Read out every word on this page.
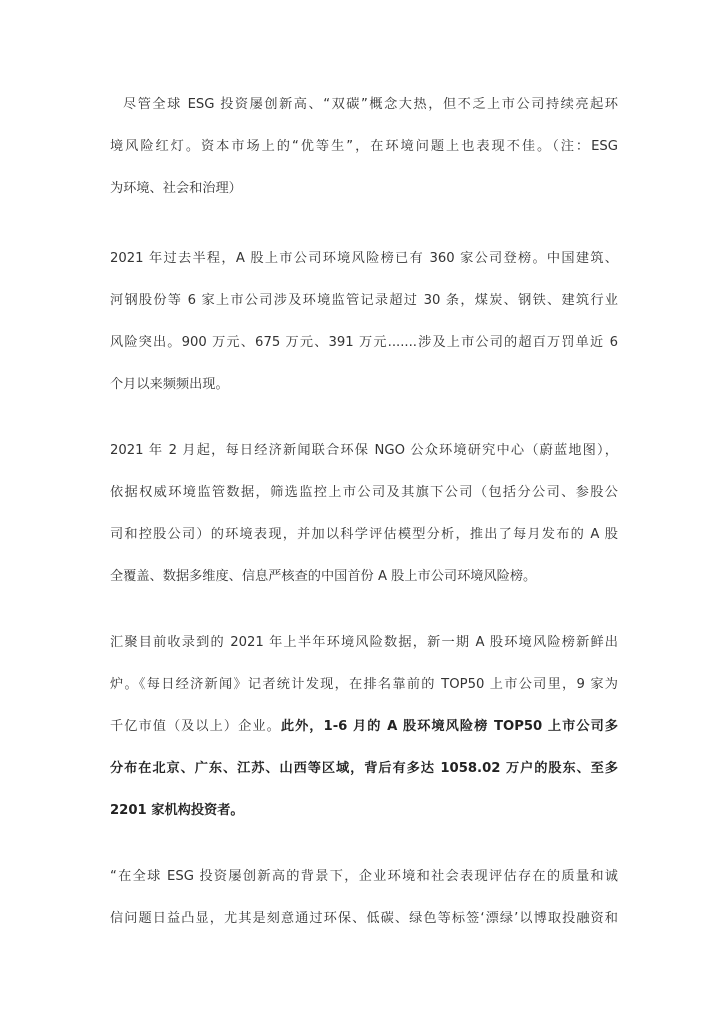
尽管全球 ESG 投资屡创新高、“双碳”概念大热，但不乏上市公司持续亮起环
境风险红灯。资本市场上的“优等生”，在环境问题上也表现不佳。（注：ESG
为环境、社会和治理）
2021 年过去半程，A 股上市公司环境风险榜已有 360 家公司登榜。中国建筑、
河钢股份等 6 家上市公司涉及环境监管记录超过 30 条，煤炭、钢铁、建筑行业
风险突出。900 万元、675 万元、391 万元.......涉及上市公司的超百万罚单近 6
个月以来频频出现。
2021 年 2 月起，每日经济新闻联合环保 NGO 公众环境研究中心（蔚蓝地图），
依据权威环境监管数据，筛选监控上市公司及其旗下公司（包括分公司、参股公
司和控股公司）的环境表现，并加以科学评估模型分析，推出了每月发布的 A 股
全覆盖、数据多维度、信息严核查的中国首份 A 股上市公司环境风险榜。
汇聚目前收录到的 2021 年上半年环境风险数据，新一期 A 股环境风险榜新鲜出
炉。《每日经济新闻》记者统计发现，在排名靠前的 TOP50 上市公司里，9 家为
千亿市值（及以上）企业。此外，1-6 月的 A 股环境风险榜 TOP50 上市公司多
分布在北京、广东、江苏、山西等区域，背后有多达 1058.02 万户的股东、至多
2201 家机构投资者。
“在全球 ESG 投资屡创新高的背景下，企业环境和社会表现评估存在的质量和诚
信问题日益凸显，尤其是刻意通过环保、低碳、绿色等标签‘漂绿’以博取投融资和
